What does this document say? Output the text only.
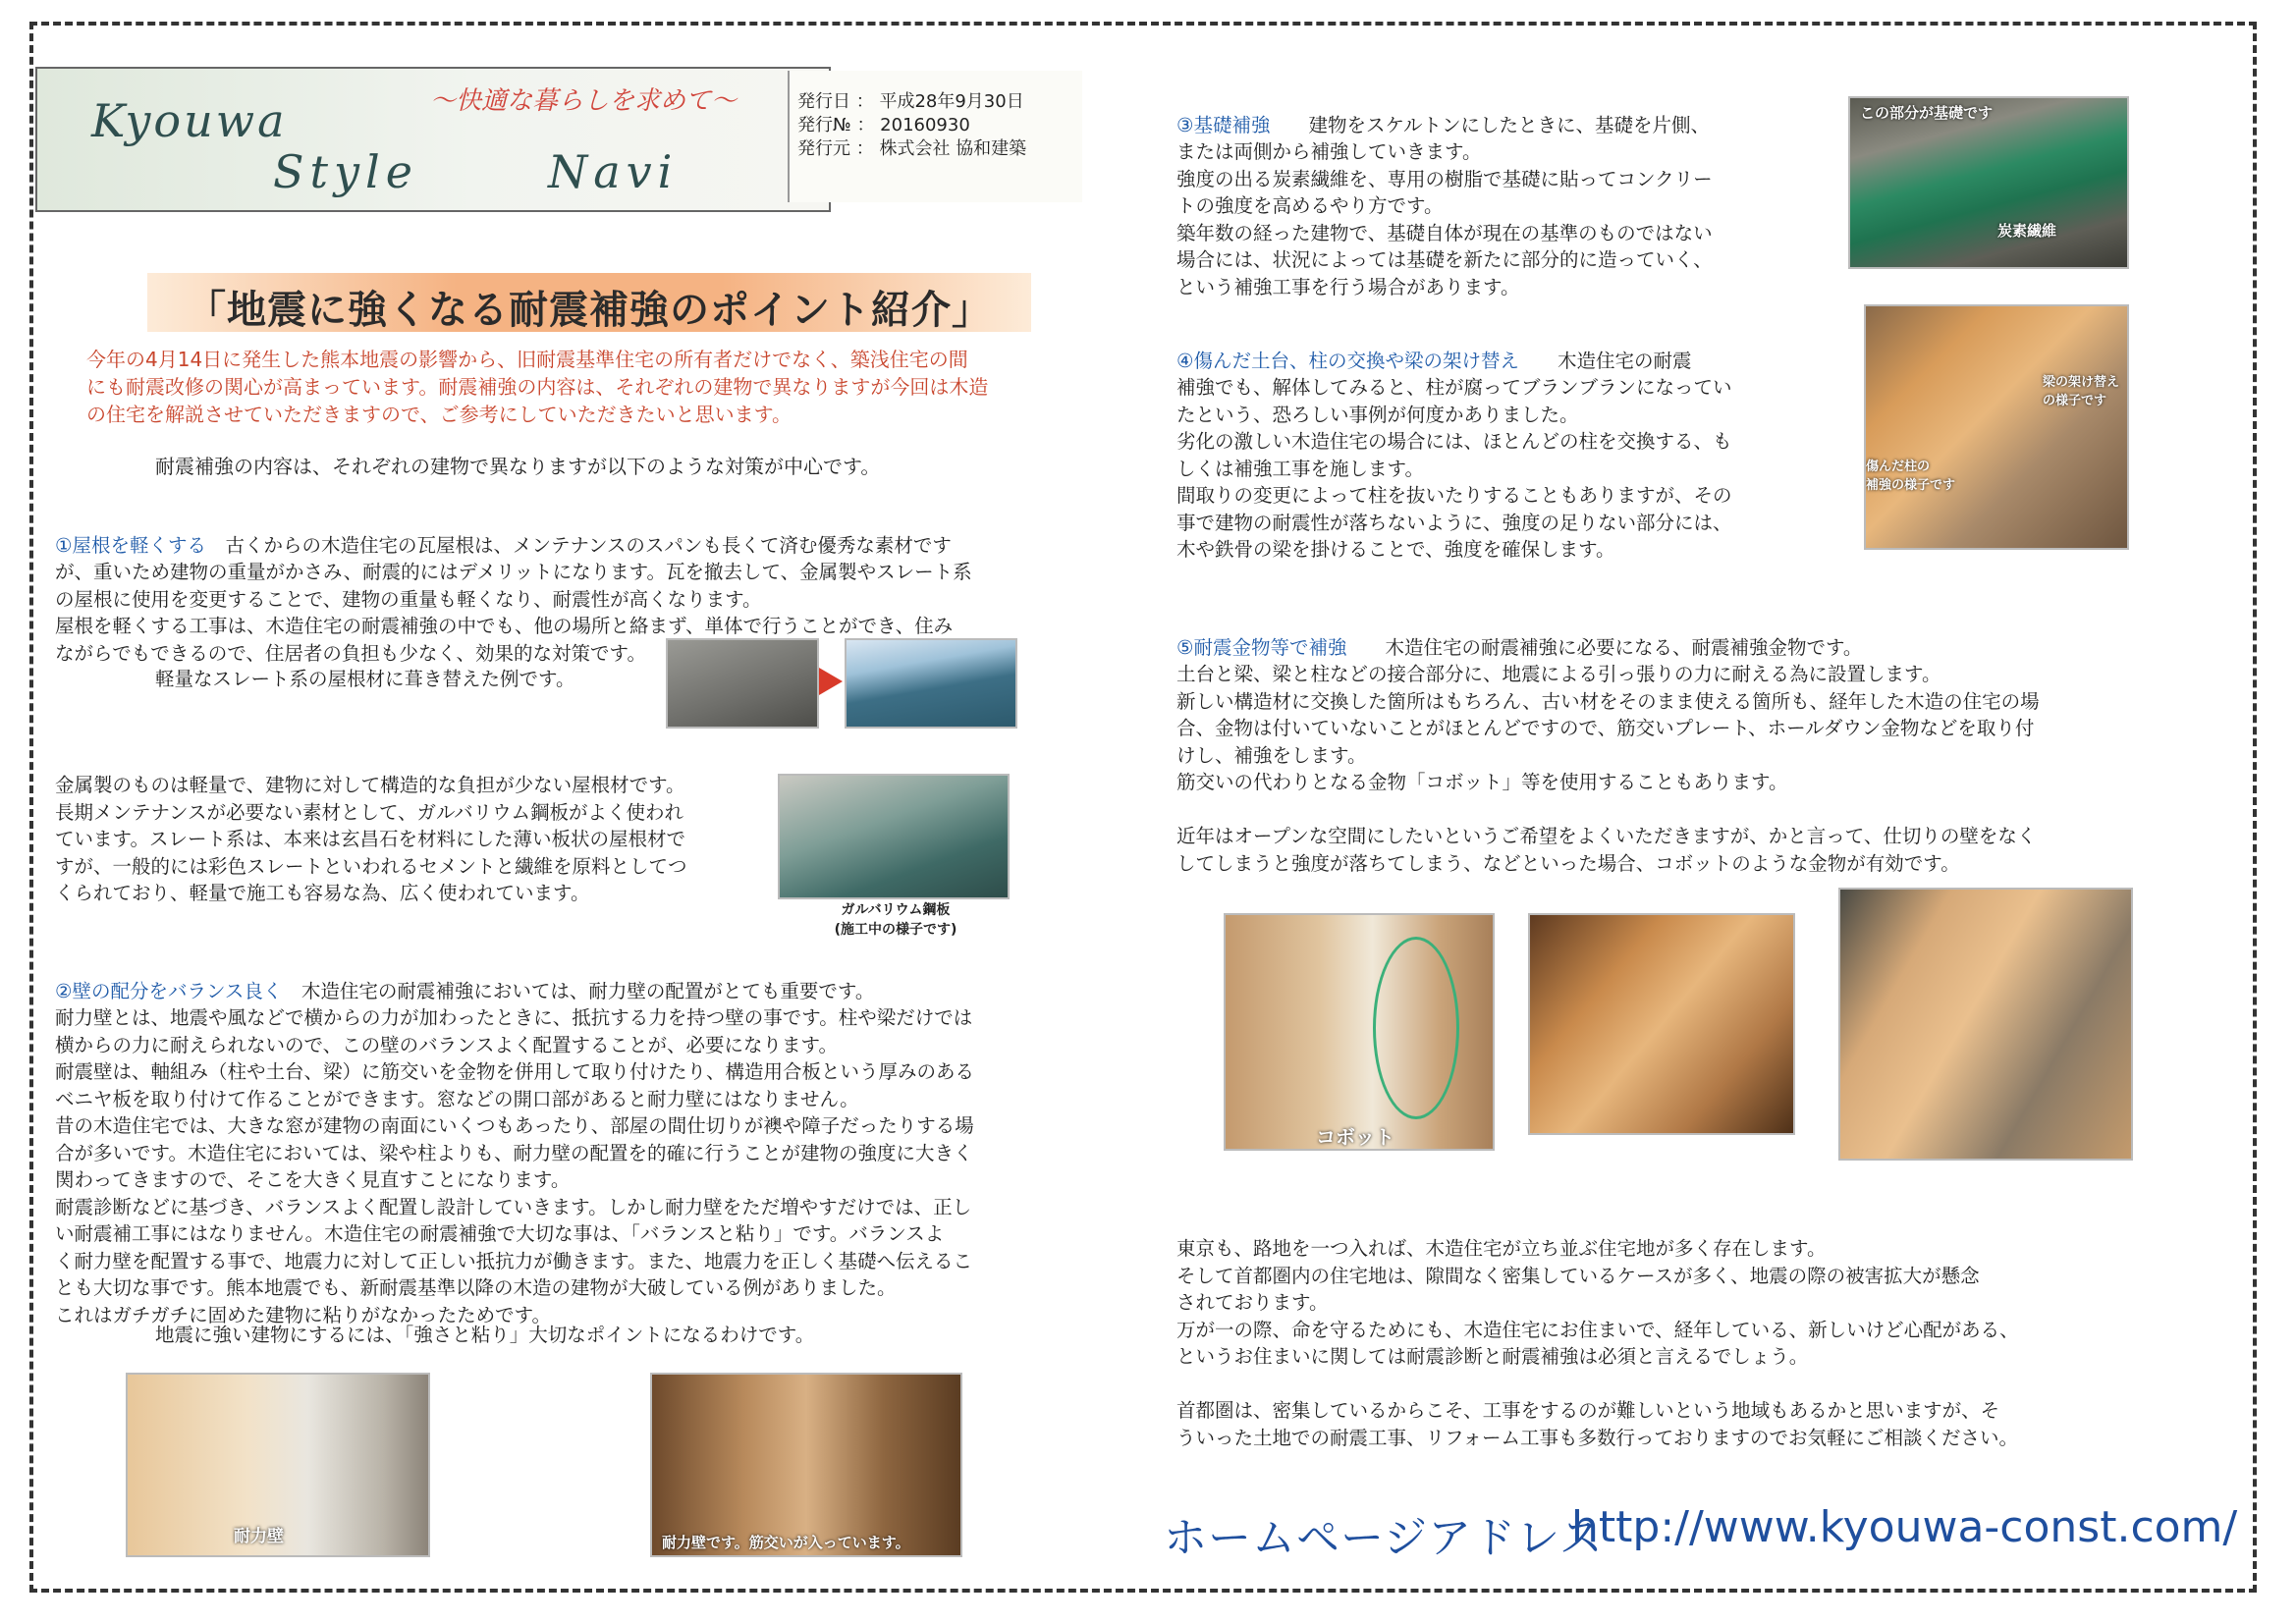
～快適な暮らしを求めて～
Kyouwa
Style	Navi
発行日 ： 平成28年9月30日
発行№ ： 20160930
発行元 ： 株式会社 協和建築
「地震に強くなる耐震補強のポイント紹介」
今年の4月14日に発生した熊本地震の影響から、旧耐震基準住宅の所有者だけでなく、築浅住宅の間
にも耐震改修の関心が高まっています。耐震補強の内容は、それぞれの建物で異なりますが今回は木造
の住宅を解説させていただきますので、ご参考にしていただきたいと思います。
耐震補強の内容は、それぞれの建物で異なりますが以下のような対策が中心です。

①屋根を軽くする　古くからの木造住宅の瓦屋根は、メンテナンスのスパンも長くて済む優秀な素材です
が、重いため建物の重量がかさみ、耐震的にはデメリットになります。瓦を撤去して、金属製やスレート系
の屋根に使用を変更することで、建物の重量も軽くなり、耐震性が高くなります。
屋根を軽くする工事は、木造住宅の耐震補強の中でも、他の場所と絡まず、単体で行うことができ、住み
ながらでもできるので、住居者の負担も少なく、効果的な対策です。

軽量なスレート系の屋根材に葺き替えた例です。
金属製のものは軽量で、建物に対して構造的な負担が少ない屋根材です。
長期メンテナンスが必要ない素材として、ガルバリウム鋼板がよく使われ
ています。スレート系は、本来は玄昌石を材料にした薄い板状の屋根材で
すが、一般的には彩色スレートといわれるセメントと繊維を原料としてつ
くられており、軽量で施工も容易な為、広く使われています。
ガルバリウム鋼板
(施工中の様子です)

②壁の配分をバランス良く　木造住宅の耐震補強においては、耐力壁の配置がとても重要です。
耐力壁とは、地震や風などで横からの力が加わったときに、抵抗する力を持つ壁の事です。柱や梁だけでは
横からの力に耐えられないので、この壁のバランスよく配置することが、必要になります。
耐震壁は、軸組み（柱や土台、梁）に筋交いを金物を併用して取り付けたり、構造用合板という厚みのある
ベニヤ板を取り付けて作ることができます。窓などの開口部があると耐力壁にはなりません。
昔の木造住宅では、大きな窓が建物の南面にいくつもあったり、部屋の間仕切りが襖や障子だったりする場
合が多いです。木造住宅においては、梁や柱よりも、耐力壁の配置を的確に行うことが建物の強度に大きく
関わってきますので、そこを大きく見直すことになります。
耐震診断などに基づき、バランスよく配置し設計していきます。しかし耐力壁をただ増やすだけでは、正し
い耐震補工事にはなりません。木造住宅の耐震補強で大切な事は、「バランスと粘り」です。バランスよ
く耐力壁を配置する事で、地震力に対して正しい抵抗力が働きます。また、地震力を正しく基礎へ伝えるこ
とも大切な事です。熊本地震でも、新耐震基準以降の木造の建物が大破している例がありました。
これはガチガチに固めた建物に粘りがなかったためです。

地震に強い建物にするには、「強さと粘り」大切なポイントになるわけです。
耐力壁	耐力壁です。筋交いが入っています。

③基礎補強　　建物をスケルトンにしたときに、基礎を片側、
または両側から補強していきます。
強度の出る炭素繊維を、専用の樹脂で基礎に貼ってコンクリー
トの強度を高めるやり方です。
築年数の経った建物で、基礎自体が現在の基準のものではない
場合には、状況によっては基礎を新たに部分的に造っていく、
という補強工事を行う場合があります。

この部分が基礎です
炭素繊維

④傷んだ土台、柱の交換や梁の架け替え　　木造住宅の耐震
補強でも、解体してみると、柱が腐ってブランブランになってい
たという、恐ろしい事例が何度かありました。
劣化の激しい木造住宅の場合には、ほとんどの柱を交換する、も
しくは補強工事を施します。
間取りの変更によって柱を抜いたりすることもありますが、その
事で建物の耐震性が落ちないように、強度の足りない部分には、
木や鉄骨の梁を掛けることで、強度を確保します。

梁の架け替え
の様子です
傷んだ柱の
補強の様子です

⑤耐震金物等で補強　　木造住宅の耐震補強に必要になる、耐震補強金物です。
土台と梁、梁と柱などの接合部分に、地震による引っ張りの力に耐える為に設置します。
新しい構造材に交換した箇所はもちろん、古い材をそのまま使える箇所も、経年した木造の住宅の場
合、金物は付いていないことがほとんどですので、筋交いプレート、ホールダウン金物などを取り付
けし、補強をします。
筋交いの代わりとなる金物「コボット」等を使用することもあります。

近年はオープンな空間にしたいというご希望をよくいただきますが、かと言って、仕切りの壁をなく
してしまうと強度が落ちてしまう、などといった場合、コボットのような金物が有効です。

コボット
東京も、路地を一つ入れば、木造住宅が立ち並ぶ住宅地が多く存在します。
そして首都圏内の住宅地は、隙間なく密集しているケースが多く、地震の際の被害拡大が懸念
されております。
万が一の際、命を守るためにも、木造住宅にお住まいで、経年している、新しいけど心配がある、
というお住まいに関しては耐震診断と耐震補強は必須と言えるでしょう。

首都圏は、密集しているからこそ、工事をするのが難しいという地域もあるかと思いますが、そ
ういった土地での耐震工事、リフォーム工事も多数行っておりますのでお気軽にご相談ください。
ホームページアドレス
http://www.kyouwa-const.com/
